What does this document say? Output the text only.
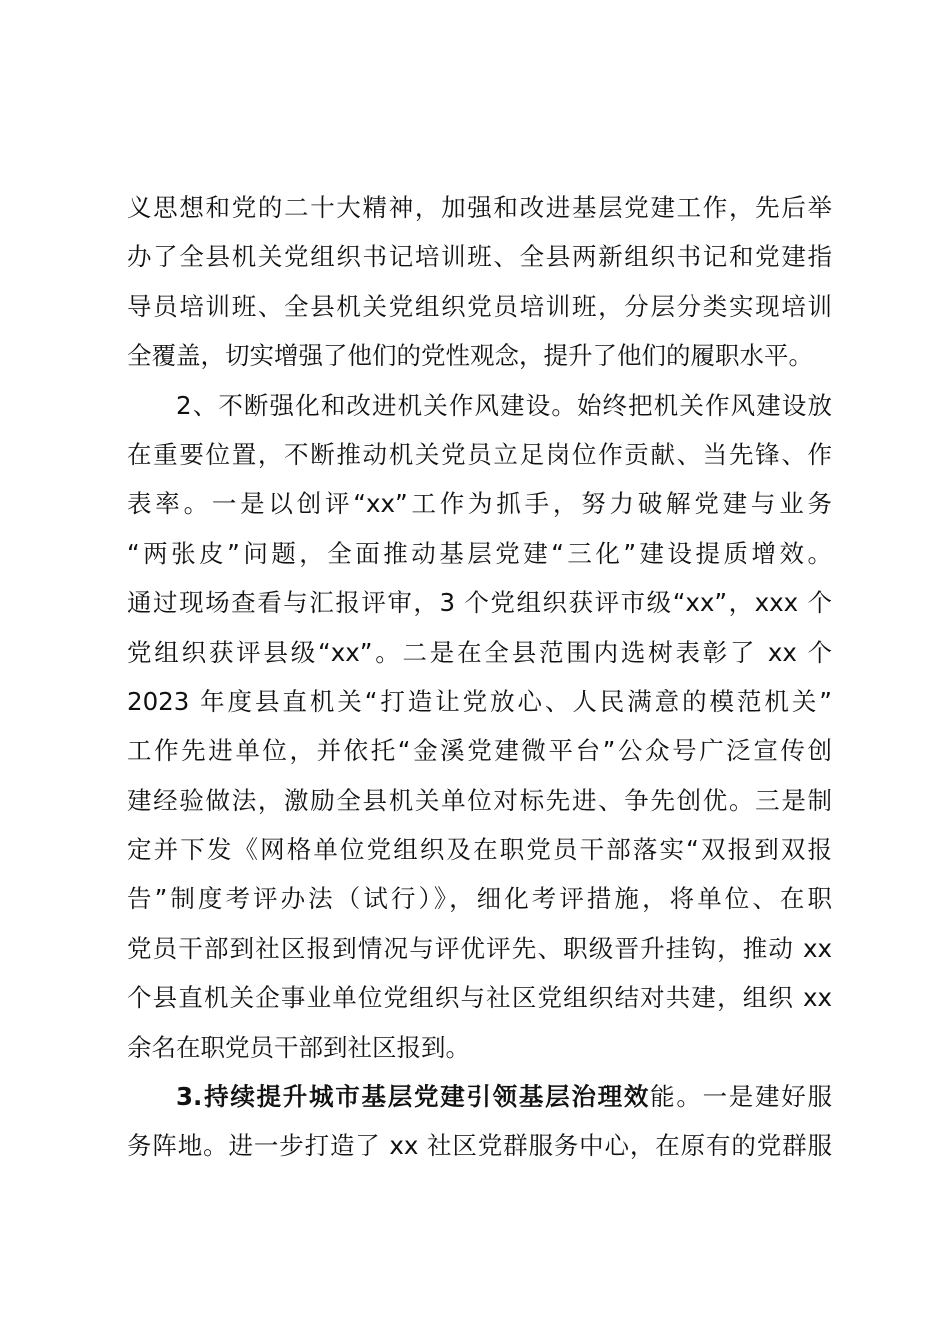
义思想和党的二十大精神，加强和改进基层党建工作，先后举
办了全县机关党组织书记培训班、全县两新组织书记和党建指
导员培训班、全县机关党组织党员培训班，分层分类实现培训
全覆盖，切实增强了他们的党性观念，提升了他们的履职水平。
2、不断强化和改进机关作风建设。始终把机关作风建设放
在重要位置，不断推动机关党员立足岗位作贡献、当先锋、作
表率。一是以创评“xx”工作为抓手，努力破解党建与业务
“两张皮”问题，全面推动基层党建“三化”建设提质增效。
通过现场查看与汇报评审，3 个党组织获评市级“xx”，xxx 个
党组织获评县级“xx”。二是在全县范围内选树表彰了 xx 个
2023 年度县直机关“打造让党放心、人民满意的模范机关”
工作先进单位，并依托“金溪党建微平台”公众号广泛宣传创
建经验做法，激励全县机关单位对标先进、争先创优。三是制
定并下发《网格单位党组织及在职党员干部落实“双报到双报
告”制度考评办法（试行）》，细化考评措施，将单位、在职
党员干部到社区报到情况与评优评先、职级晋升挂钩，推动 xx
个县直机关企事业单位党组织与社区党组织结对共建，组织 xx
余名在职党员干部到社区报到。
3.持续提升城市基层党建引领基层治理效能。一是建好服
务阵地。进一步打造了 xx 社区党群服务中心，在原有的党群服
